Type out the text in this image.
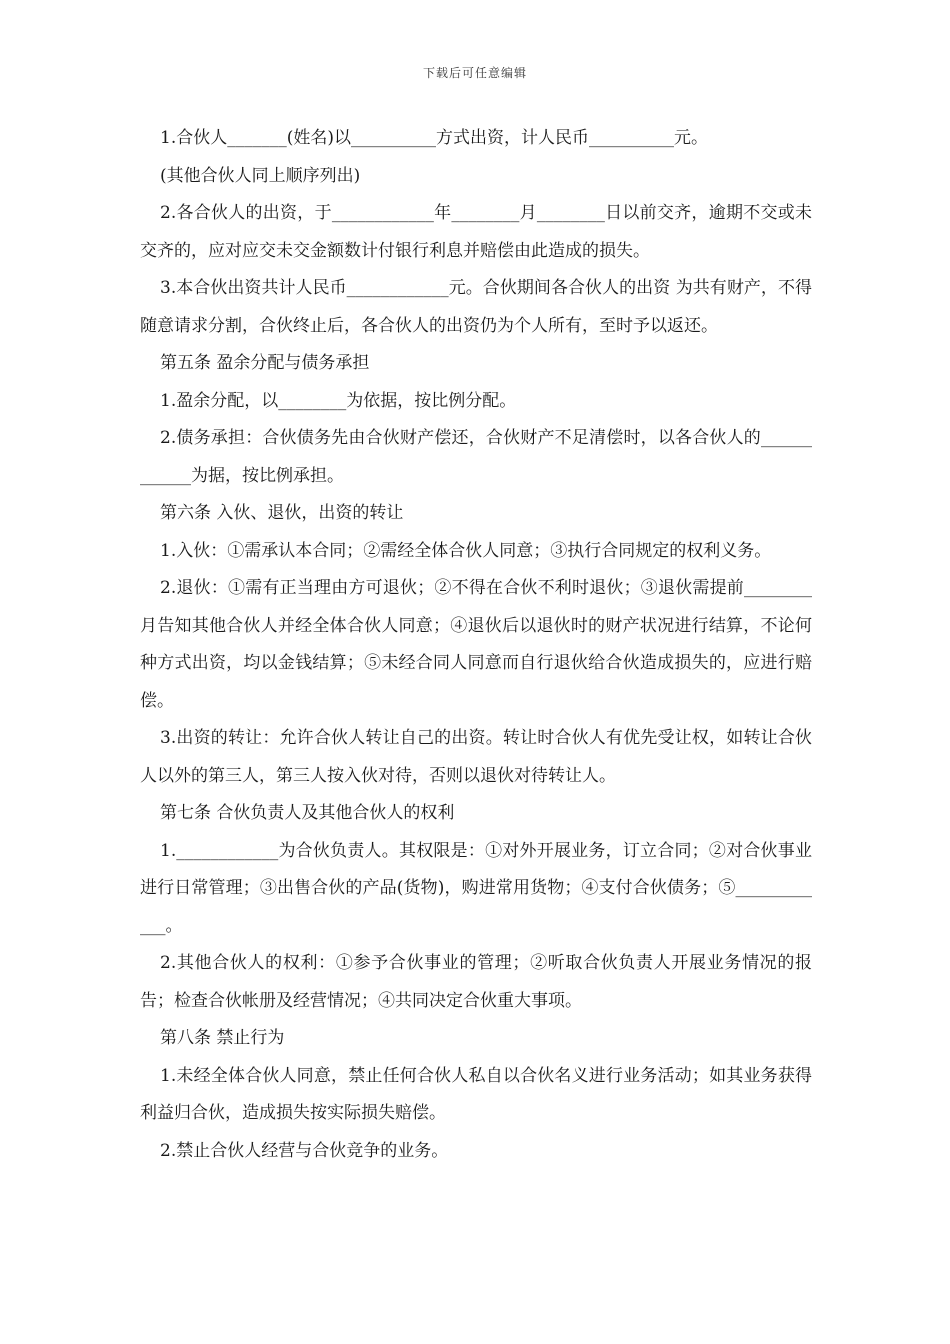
下载后可任意编辑

1.合伙人_______(姓名)以__________方式出资，计人民币__________元。

(其他合伙人同上顺序列出)

2.各合伙人的出资，于____________年________月________日以前交齐，逾期不交或未交齐的，应对应交未交金额数计付银行利息并赔偿由此造成的损失。

3.本合伙出资共计人民币____________元。合伙期间各合伙人的出资 为共有财产，不得随意请求分割，合伙终止后，各合伙人的出资仍为个人所有，至时予以返还。

第五条 盈余分配与债务承担

1.盈余分配，以________为依据，按比例分配。

2.债务承担：合伙债务先由合伙财产偿还，合伙财产不足清偿时，以各合伙人的____________为据，按比例承担。

第六条 入伙、退伙，出资的转让

1.入伙：①需承认本合同；②需经全体合伙人同意；③执行合同规定的权利义务。

2.退伙：①需有正当理由方可退伙；②不得在合伙不利时退伙；③退伙需提前________月告知其他合伙人并经全体合伙人同意；④退伙后以退伙时的财产状况进行结算，不论何种方式出资，均以金钱结算；⑤未经合同人同意而自行退伙给合伙造成损失的，应进行赔偿。

3.出资的转让：允许合伙人转让自己的出资。转让时合伙人有优先受让权，如转让合伙人以外的第三人，第三人按入伙对待，否则以退伙对待转让人。

第七条 合伙负责人及其他合伙人的权利

1.____________为合伙负责人。其权限是：①对外开展业务，订立合同；②对合伙事业进行日常管理；③出售合伙的产品(货物)，购进常用货物；④支付合伙债务；⑤____________。

2.其他合伙人的权利：①参予合伙事业的管理；②听取合伙负责人开展业务情况的报告；检查合伙帐册及经营情况；④共同决定合伙重大事项。

第八条 禁止行为

1.未经全体合伙人同意，禁止任何合伙人私自以合伙名义进行业务活动；如其业务获得利益归合伙，造成损失按实际损失赔偿。

2.禁止合伙人经营与合伙竞争的业务。
